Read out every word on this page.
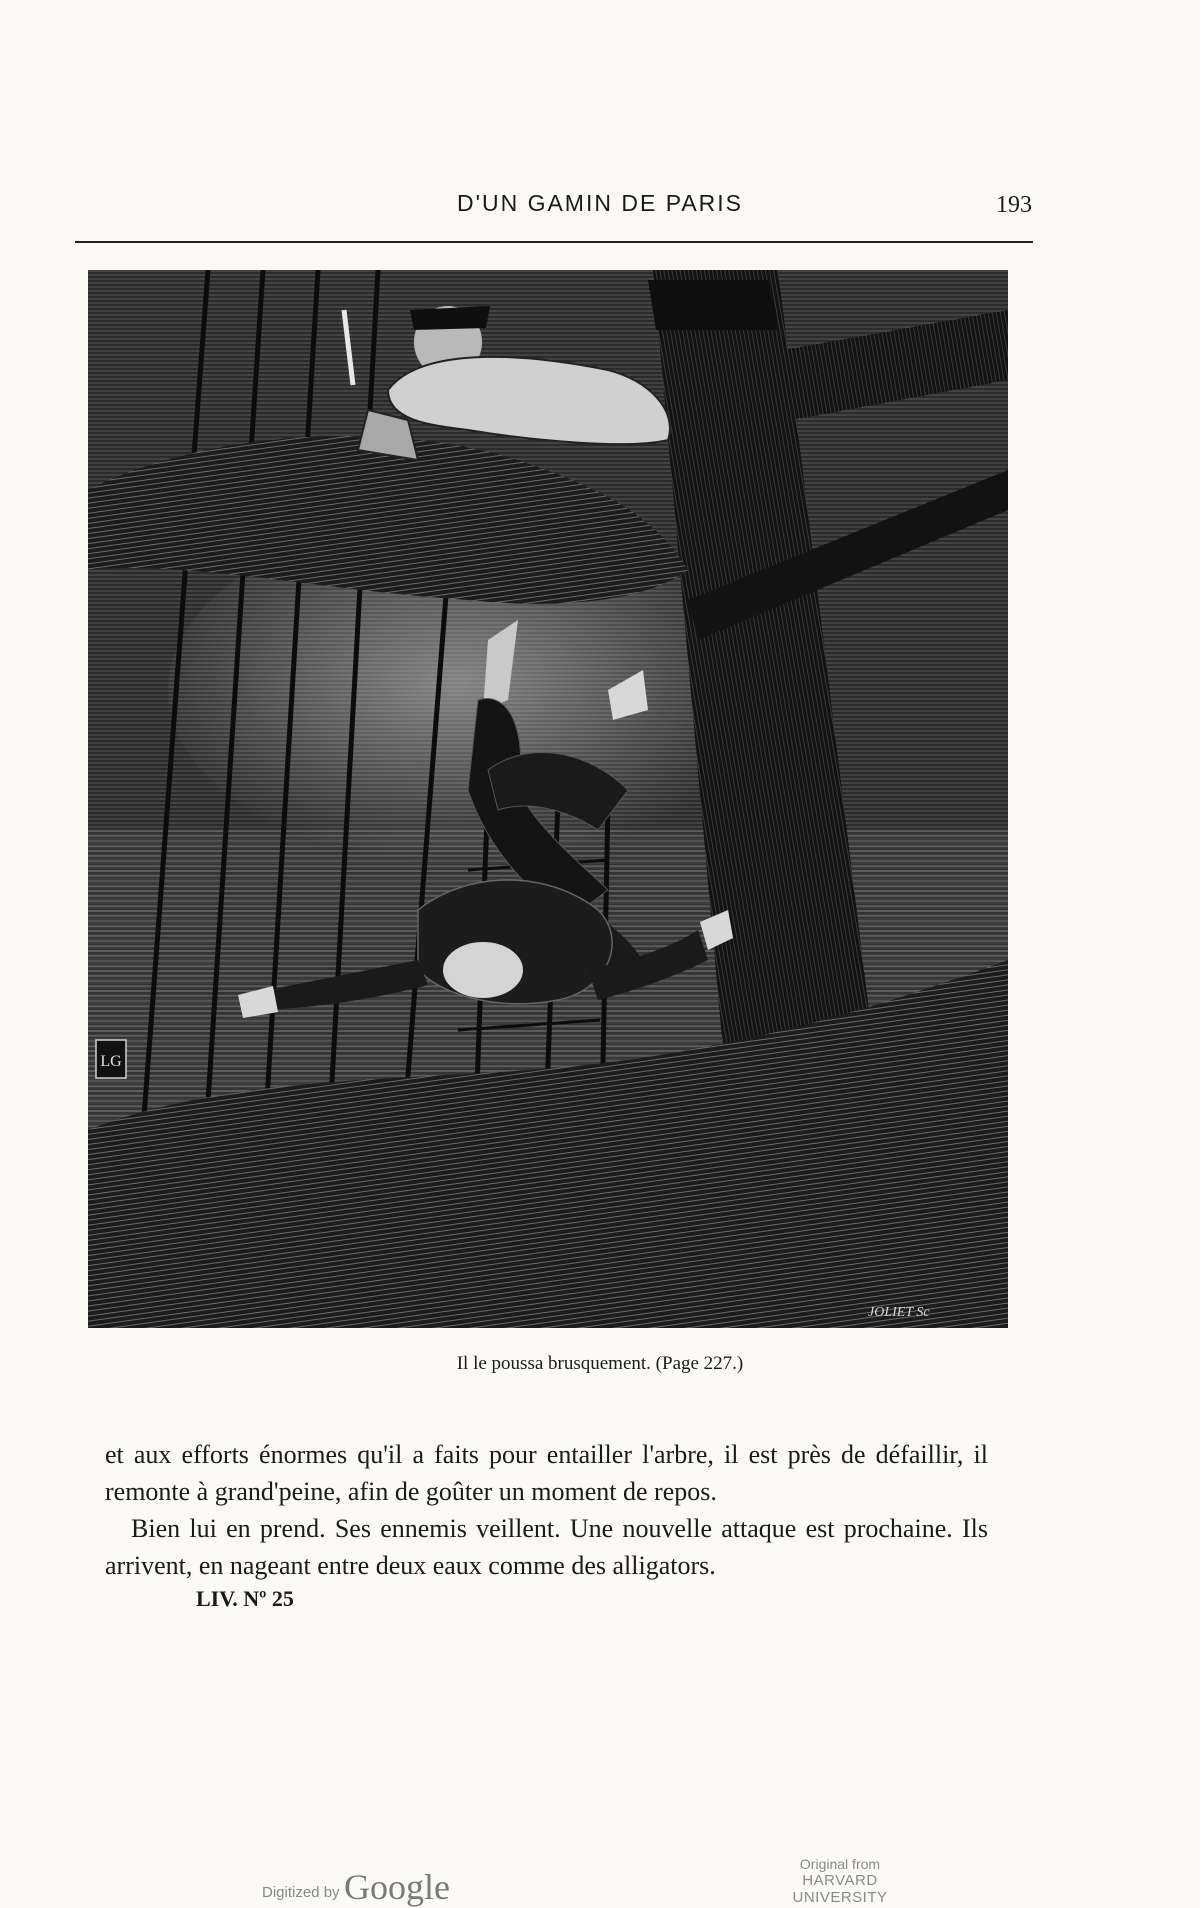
D'UN GAMIN DE PARIS	193
LG
JOLIET Sc
Il le poussa brusquement. (Page 227.)

et aux efforts énormes qu'il a faits pour entailler l'arbre, il est près de défaillir, il remonte à grand'peine, afin de goûter un moment de repos.

Bien lui en prend. Ses ennemis veillent. Une nouvelle attaque est prochaine. Ils arrivent, en nageant entre deux eaux comme des alligators.

LIV. Nº 25
Digitized by Google
Original from
HARVARD UNIVERSITY
